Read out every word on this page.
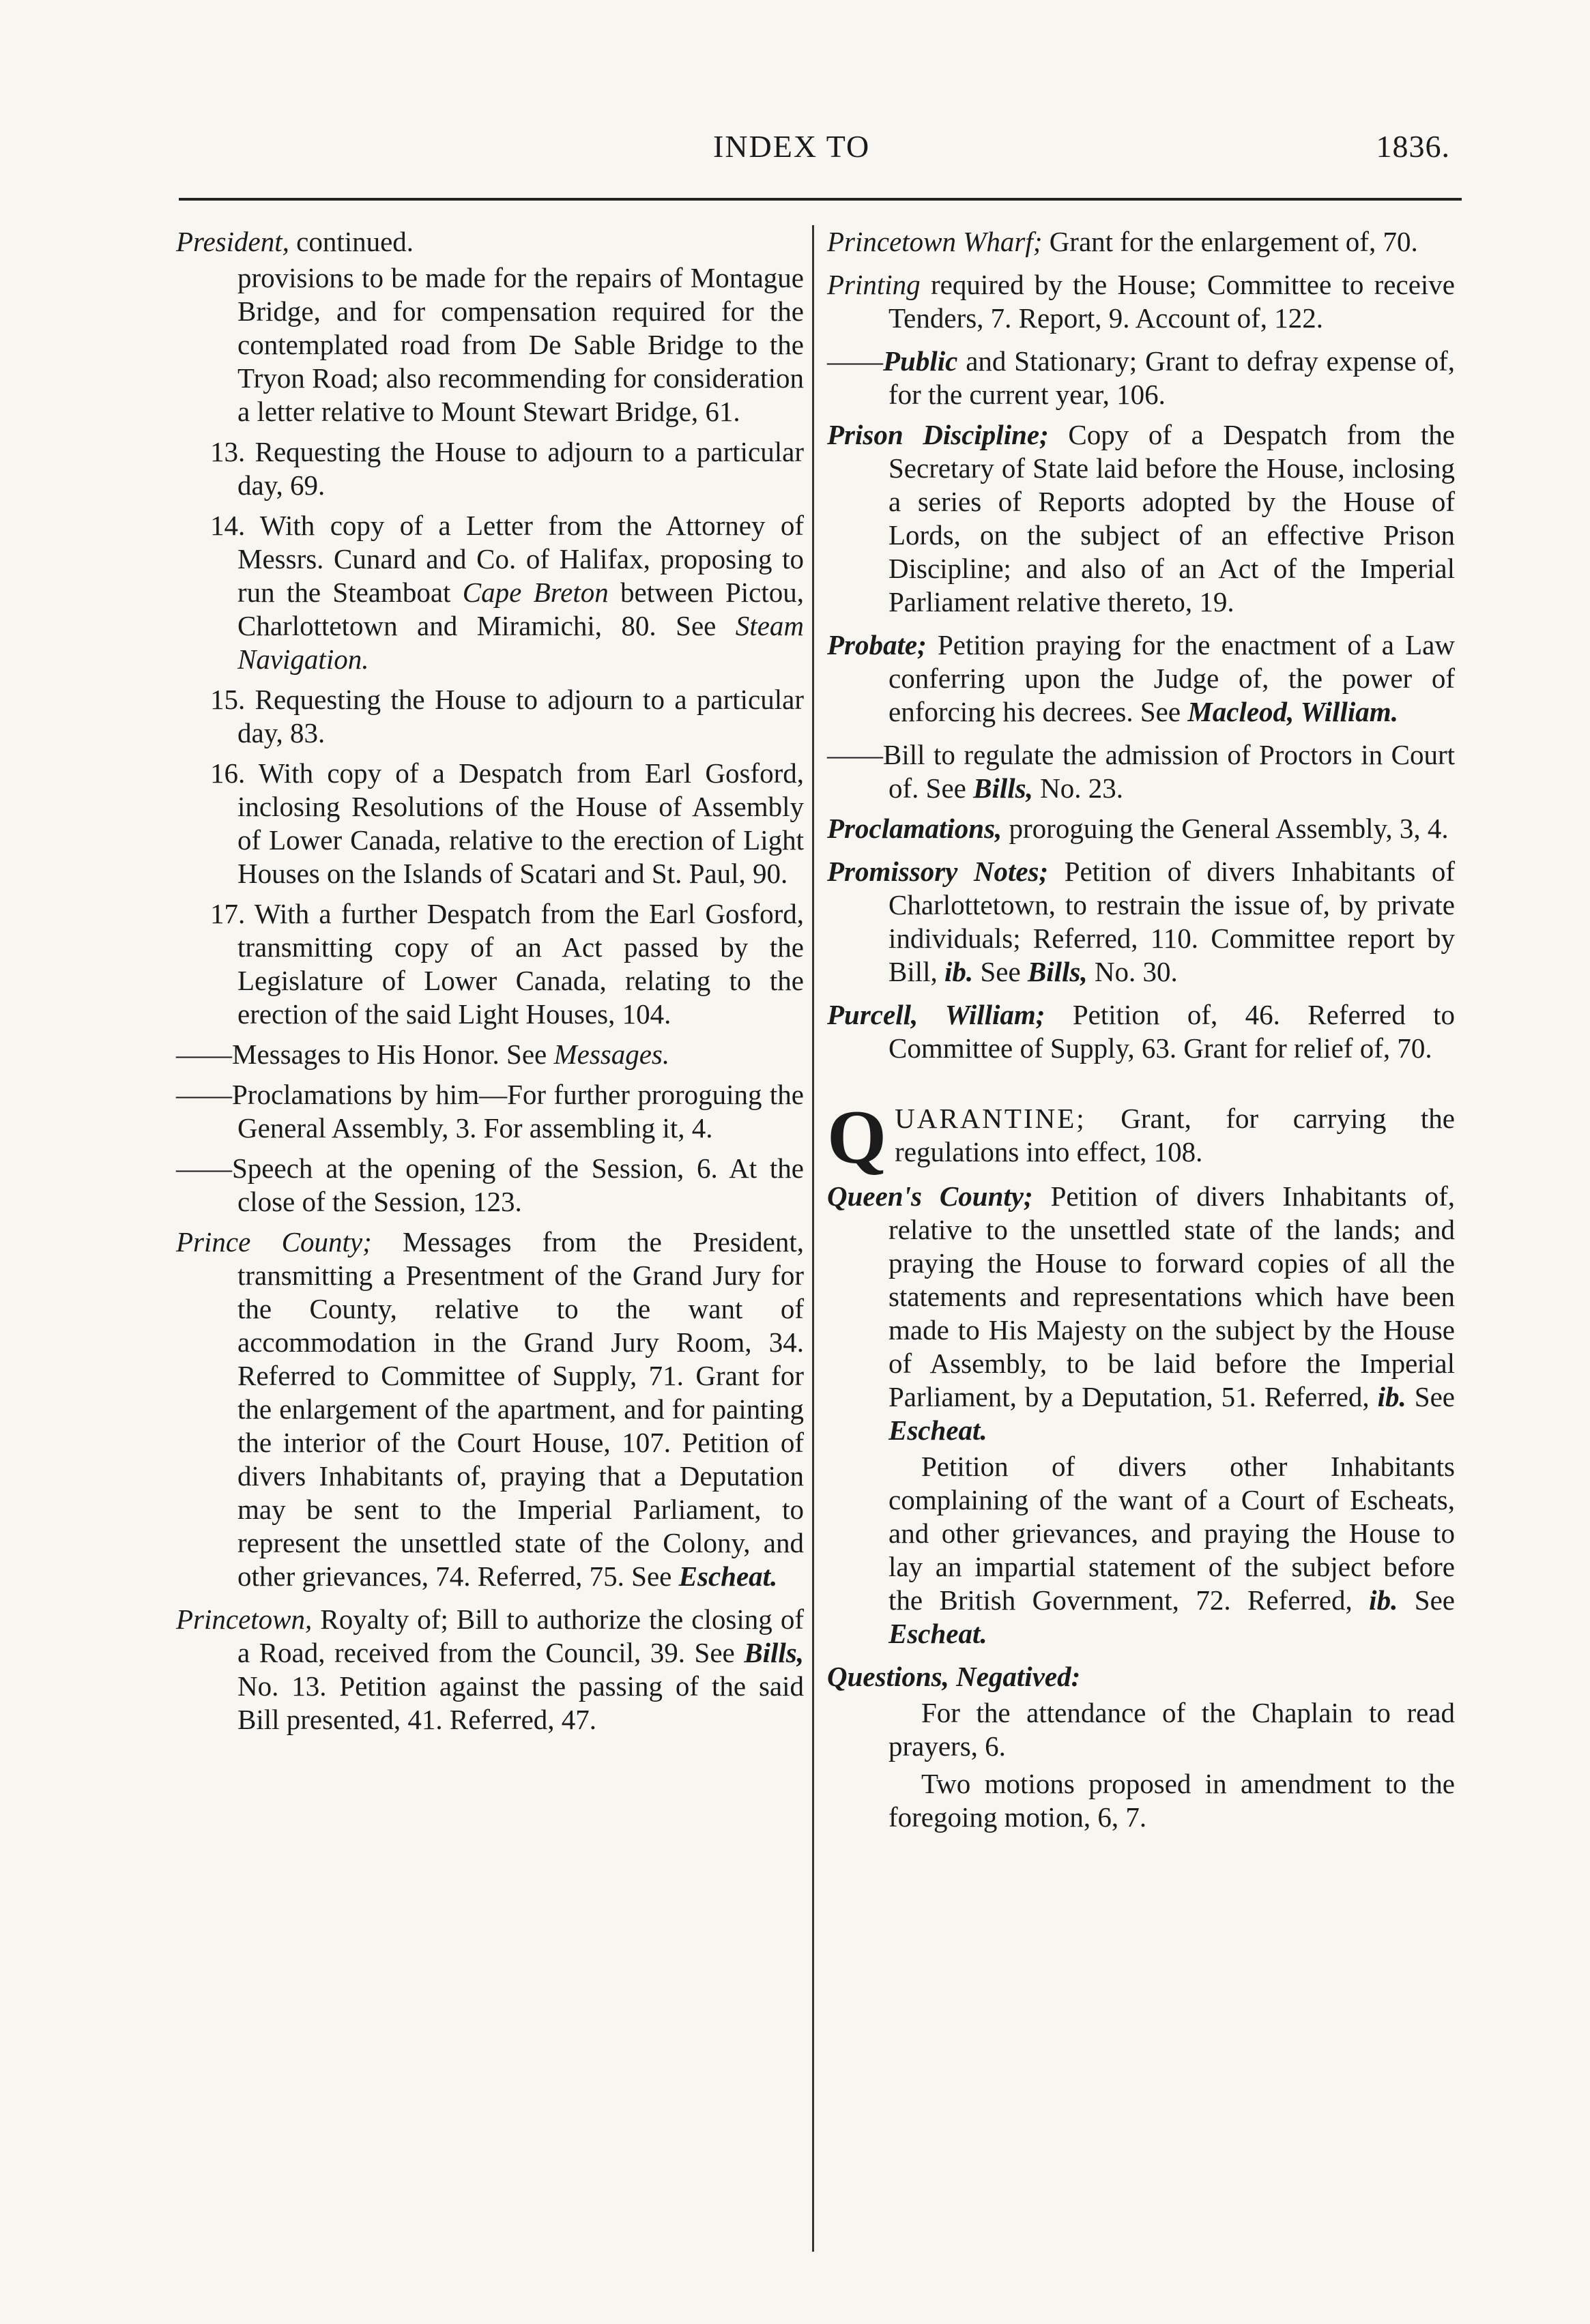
INDEX TO	1836.
President, continued.
provisions to be made for the repairs of Montague Bridge, and for compensation required for the contemplated road from De Sable Bridge to the Tryon Road; also recommending for consideration a letter relative to Mount Stewart Bridge, 61.
13. Requesting the House to adjourn to a particular day, 69.
14. With copy of a Letter from the Attorney of Messrs. Cunard and Co. of Halifax, proposing to run the Steamboat Cape Breton between Pictou, Charlottetown and Miramichi, 80. See Steam Navigation.
15. Requesting the House to adjourn to a particular day, 83.
16. With copy of a Despatch from Earl Gosford, inclosing Resolutions of the House of Assembly of Lower Canada, relative to the erection of Light Houses on the Islands of Scatari and St. Paul, 90.
17. With a further Despatch from the Earl Gosford, transmitting copy of an Act passed by the Legislature of Lower Canada, relating to the erection of the said Light Houses, 104.
——Messages to His Honor. See Messages.
——Proclamations by him—For further proroguing the General Assembly, 3. For assembling it, 4.
——Speech at the opening of the Session, 6. At the close of the Session, 123.
Prince County; Messages from the President, transmitting a Presentment of the Grand Jury for the County, relative to the want of accommodation in the Grand Jury Room, 34. Referred to Committee of Supply, 71. Grant for the enlargement of the apartment, and for painting the interior of the Court House, 107. Petition of divers Inhabitants of, praying that a Deputation may be sent to the Imperial Parliament, to represent the unsettled state of the Colony, and other grievances, 74. Referred, 75. See Escheat.
Princetown, Royalty of; Bill to authorize the closing of a Road, received from the Council, 39. See Bills, No. 13. Petition against the passing of the said Bill presented, 41. Referred, 47.
Princetown Wharf; Grant for the enlargement of, 70.
Printing required by the House; Committee to receive Tenders, 7. Report, 9. Account of, 122.
——Public and Stationary; Grant to defray expense of, for the current year, 106.
Prison Discipline; Copy of a Despatch from the Secretary of State laid before the House, inclosing a series of Reports adopted by the House of Lords, on the subject of an effective Prison Discipline; and also of an Act of the Imperial Parliament relative thereto, 19.
Probate; Petition praying for the enactment of a Law conferring upon the Judge of, the power of enforcing his decrees. See Macleod, William.
——Bill to regulate the admission of Proctors in Court of. See Bills, No. 23.
Proclamations, proroguing the General Assembly, 3, 4.
Promissory Notes; Petition of divers Inhabitants of Charlottetown, to restrain the issue of, by private individuals; Referred, 110. Committee report by Bill, ib. See Bills, No. 30.
Purcell, William; Petition of, 46. Referred to Committee of Supply, 63. Grant for relief of, 70.
QUARANTINE; Grant, for carrying the regulations into effect, 108.
Queen's County; Petition of divers Inhabitants of, relative to the unsettled state of the lands; and praying the House to forward copies of all the statements and representations which have been made to His Majesty on the subject by the House of Assembly, to be laid before the Imperial Parliament, by a Deputation, 51. Referred, ib. See Escheat.
Petition of divers other Inhabitants complaining of the want of a Court of Escheats, and other grievances, and praying the House to lay an impartial statement of the subject before the British Government, 72. Referred, ib. See Escheat.
Questions, Negatived:
For the attendance of the Chaplain to read prayers, 6.
Two motions proposed in amendment to the foregoing motion, 6, 7.
